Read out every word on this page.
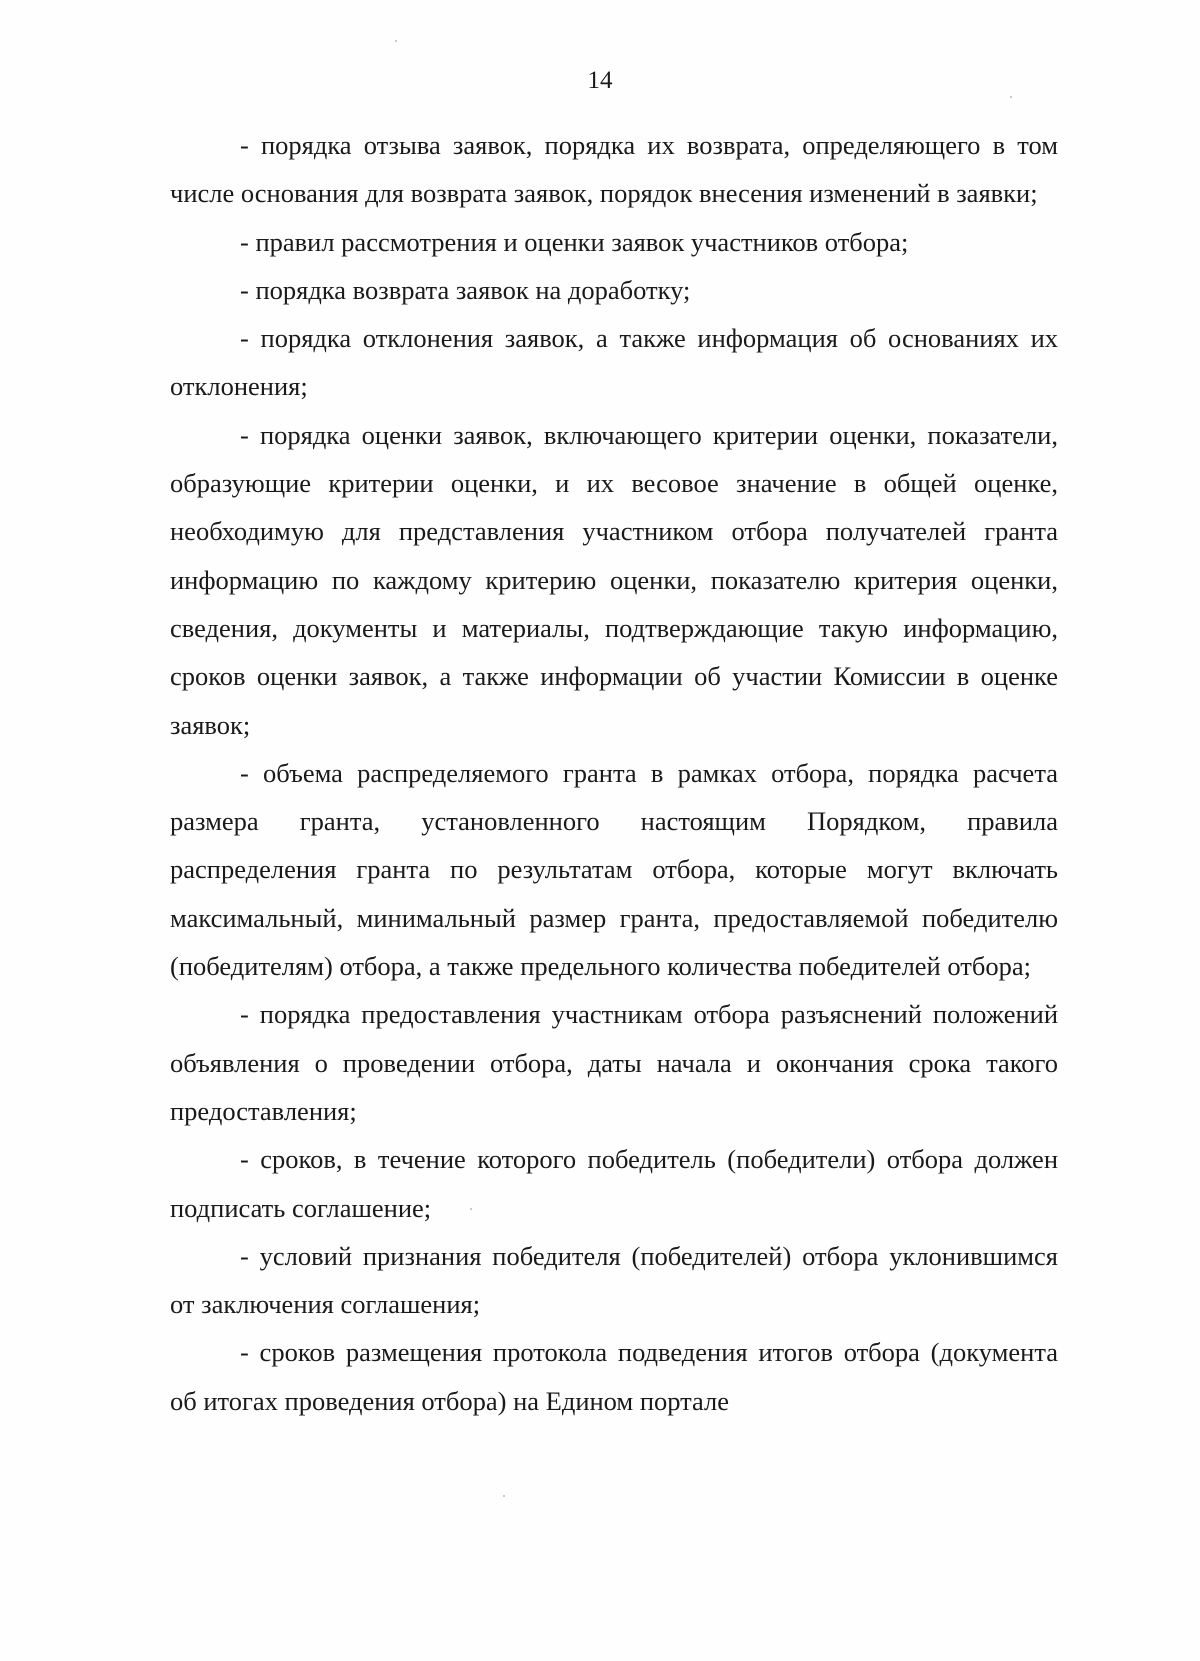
14

- порядка отзыва заявок, порядка их возврата, определяющего в том числе основания для возврата заявок, порядок внесения изменений в заявки;

- правил рассмотрения и оценки заявок участников отбора;

- порядка возврата заявок на доработку;

- порядка отклонения заявок, а также информация об основаниях их отклонения;

- порядка оценки заявок, включающего критерии оценки, показатели, образующие критерии оценки, и их весовое значение в общей оценке, необходимую для представления участником отбора получателей гранта информацию по каждому критерию оценки, показателю критерия оценки, сведения, документы и материалы, подтверждающие такую информацию, сроков оценки заявок, а также информации об участии Комиссии в оценке заявок;

- объема распределяемого гранта в рамках отбора, порядка расчета размера гранта, установленного настоящим Порядком, правила распределения гранта по результатам отбора, которые могут включать максимальный, минимальный размер гранта, предоставляемой победителю (победителям) отбора, а также предельного количества победителей отбора;

- порядка предоставления участникам отбора разъяснений положений объявления о проведении отбора, даты начала и окончания срока такого предоставления;

- сроков, в течение которого победитель (победители) отбора должен подписать соглашение;

- условий признания победителя (победителей) отбора уклонившимся от заключения соглашения;

- сроков размещения протокола подведения итогов отбора (документа об итогах проведения отбора) на Едином портале
